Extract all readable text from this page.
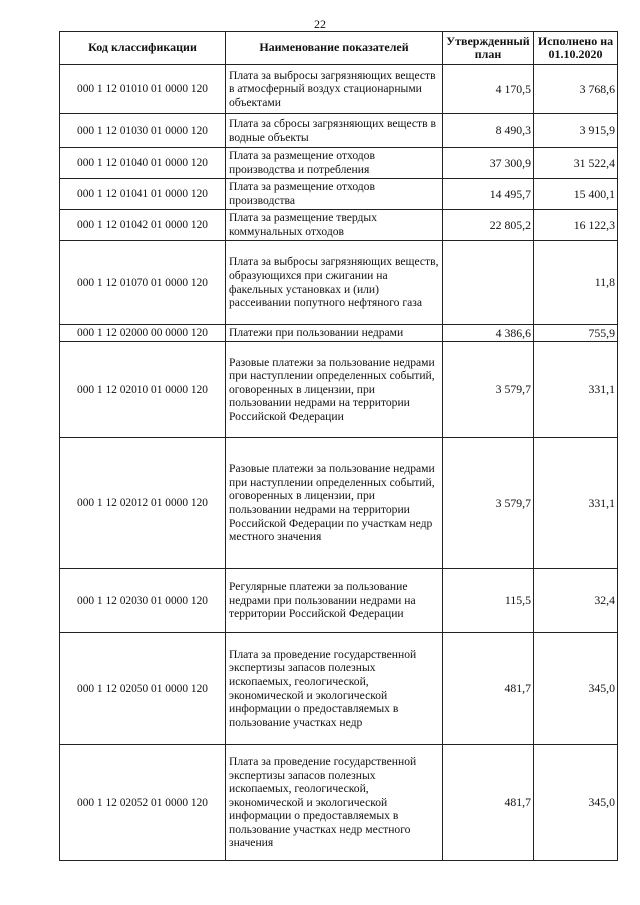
22
Код классификации	Наименование показателей	Утвержденный план	Исполнено на 01.10.2020
000 1 12 01010 01 0000 120	Плата за выбросы загрязняющих веществ в атмосферный воздух стационарными объектами	4 170,5	3 768,6
000 1 12 01030 01 0000 120	Плата за сбросы загрязняющих веществ в водные объекты	8 490,3	3 915,9
000 1 12 01040 01 0000 120	Плата за размещение отходов производства и потребления	37 300,9	31 522,4
000 1 12 01041 01 0000 120	Плата за размещение отходов производства	14 495,7	15 400,1
000 1 12 01042 01 0000 120	Плата за размещение твердых коммунальных отходов	22 805,2	16 122,3
000 1 12 01070 01 0000 120	Плата за выбросы загрязняющих веществ, образующихся при сжигании на факельных установках и (или) рассеивании попутного нефтяного газа		11,8
000 1 12 02000 00 0000 120	Платежи при пользовании недрами	4 386,6	755,9
000 1 12 02010 01 0000 120	Разовые платежи за пользование недрами при наступлении определенных событий, оговоренных в лицензии, при пользовании недрами на территории Российской Федерации	3 579,7	331,1
000 1 12 02012 01 0000 120	Разовые платежи за пользование недрами при наступлении определенных событий, оговоренных в лицензии, при пользовании недрами на территории Российской Федерации по участкам недр местного значения	3 579,7	331,1
000 1 12 02030 01 0000 120	Регулярные платежи за пользование недрами при пользовании недрами на территории Российской Федерации	115,5	32,4
000 1 12 02050 01 0000 120	Плата за проведение государственной экспертизы запасов полезных ископаемых, геологической, экономической и экологической информации о предоставляемых в пользование участках недр	481,7	345,0
000 1 12 02052 01 0000 120	Плата за проведение государственной экспертизы запасов полезных ископаемых, геологической, экономической и экологической информации о предоставляемых в пользование участках недр местного значения	481,7	345,0
